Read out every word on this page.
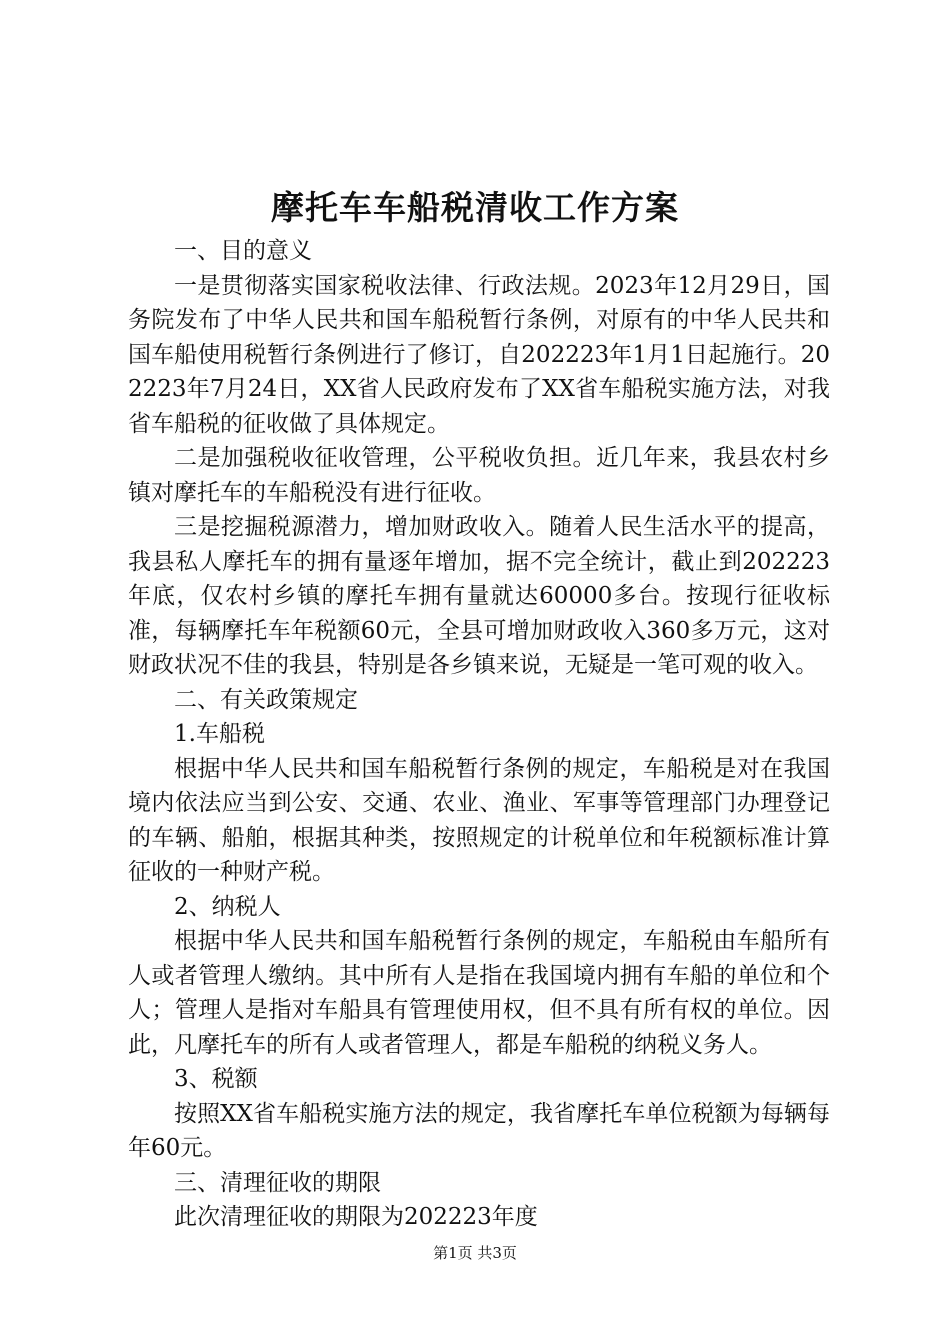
摩托车车船税清收工作方案

一、目的意义

一是贯彻落实国家税收法律、行政法规。2023年12月29日，国务院发布了中华人民共和国车船税暂行条例，对原有的中华人民共和国车船使用税暂行条例进行了修订，自202223年1月1日起施行。202223年7月24日，XX省人民政府发布了XX省车船税实施方法，对我省车船税的征收做了具体规定。

二是加强税收征收管理，公平税收负担。近几年来，我县农村乡镇对摩托车的车船税没有进行征收。

三是挖掘税源潜力，增加财政收入。随着人民生活水平的提高，我县私人摩托车的拥有量逐年增加，据不完全统计，截止到202223年底，仅农村乡镇的摩托车拥有量就达60000多台。按现行征收标准，每辆摩托车年税额60元，全县可增加财政收入360多万元，这对财政状况不佳的我县，特别是各乡镇来说，无疑是一笔可观的收入。

二、有关政策规定

1.车船税

根据中华人民共和国车船税暂行条例的规定，车船税是对在我国境内依法应当到公安、交通、农业、渔业、军事等管理部门办理登记的车辆、船舶，根据其种类，按照规定的计税单位和年税额标准计算征收的一种财产税。

2、纳税人

根据中华人民共和国车船税暂行条例的规定，车船税由车船所有人或者管理人缴纳。其中所有人是指在我国境内拥有车船的单位和个人；管理人是指对车船具有管理使用权，但不具有所有权的单位。因此，凡摩托车的所有人或者管理人，都是车船税的纳税义务人。

3、税额

按照XX省车船税实施方法的规定，我省摩托车单位税额为每辆每年60元。

三、清理征收的期限

此次清理征收的期限为202223年度

第1页 共3页
